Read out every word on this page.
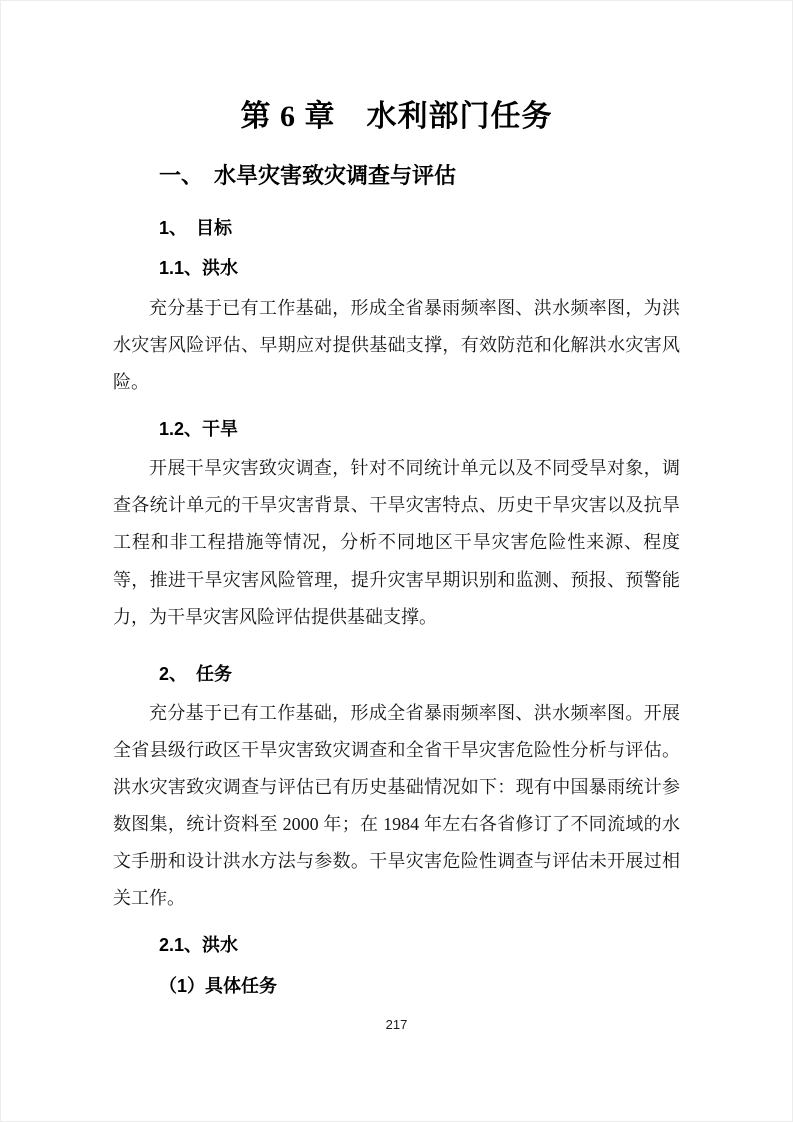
第 6 章　水利部门任务
一、　水旱灾害致灾调查与评估
1、　目标
1.1、洪水

充分基于已有工作基础，形成全省暴雨频率图、洪水频率图，为洪水灾害风险评估、早期应对提供基础支撑，有效防范和化解洪水灾害风险。

1.2、干旱

开展干旱灾害致灾调查，针对不同统计单元以及不同受旱对象，调查各统计单元的干旱灾害背景、干旱灾害特点、历史干旱灾害以及抗旱工程和非工程措施等情况，分析不同地区干旱灾害危险性来源、程度等，推进干旱灾害风险管理，提升灾害早期识别和监测、预报、预警能力，为干旱灾害风险评估提供基础支撑。

2、　任务

充分基于已有工作基础，形成全省暴雨频率图、洪水频率图。开展全省县级行政区干旱灾害致灾调查和全省干旱灾害危险性分析与评估。洪水灾害致灾调查与评估已有历史基础情况如下：现有中国暴雨统计参数图集，统计资料至 2000 年；在 1984 年左右各省修订了不同流域的水文手册和设计洪水方法与参数。干旱灾害危险性调查与评估未开展过相关工作。

2.1、洪水
（1）具体任务
217
